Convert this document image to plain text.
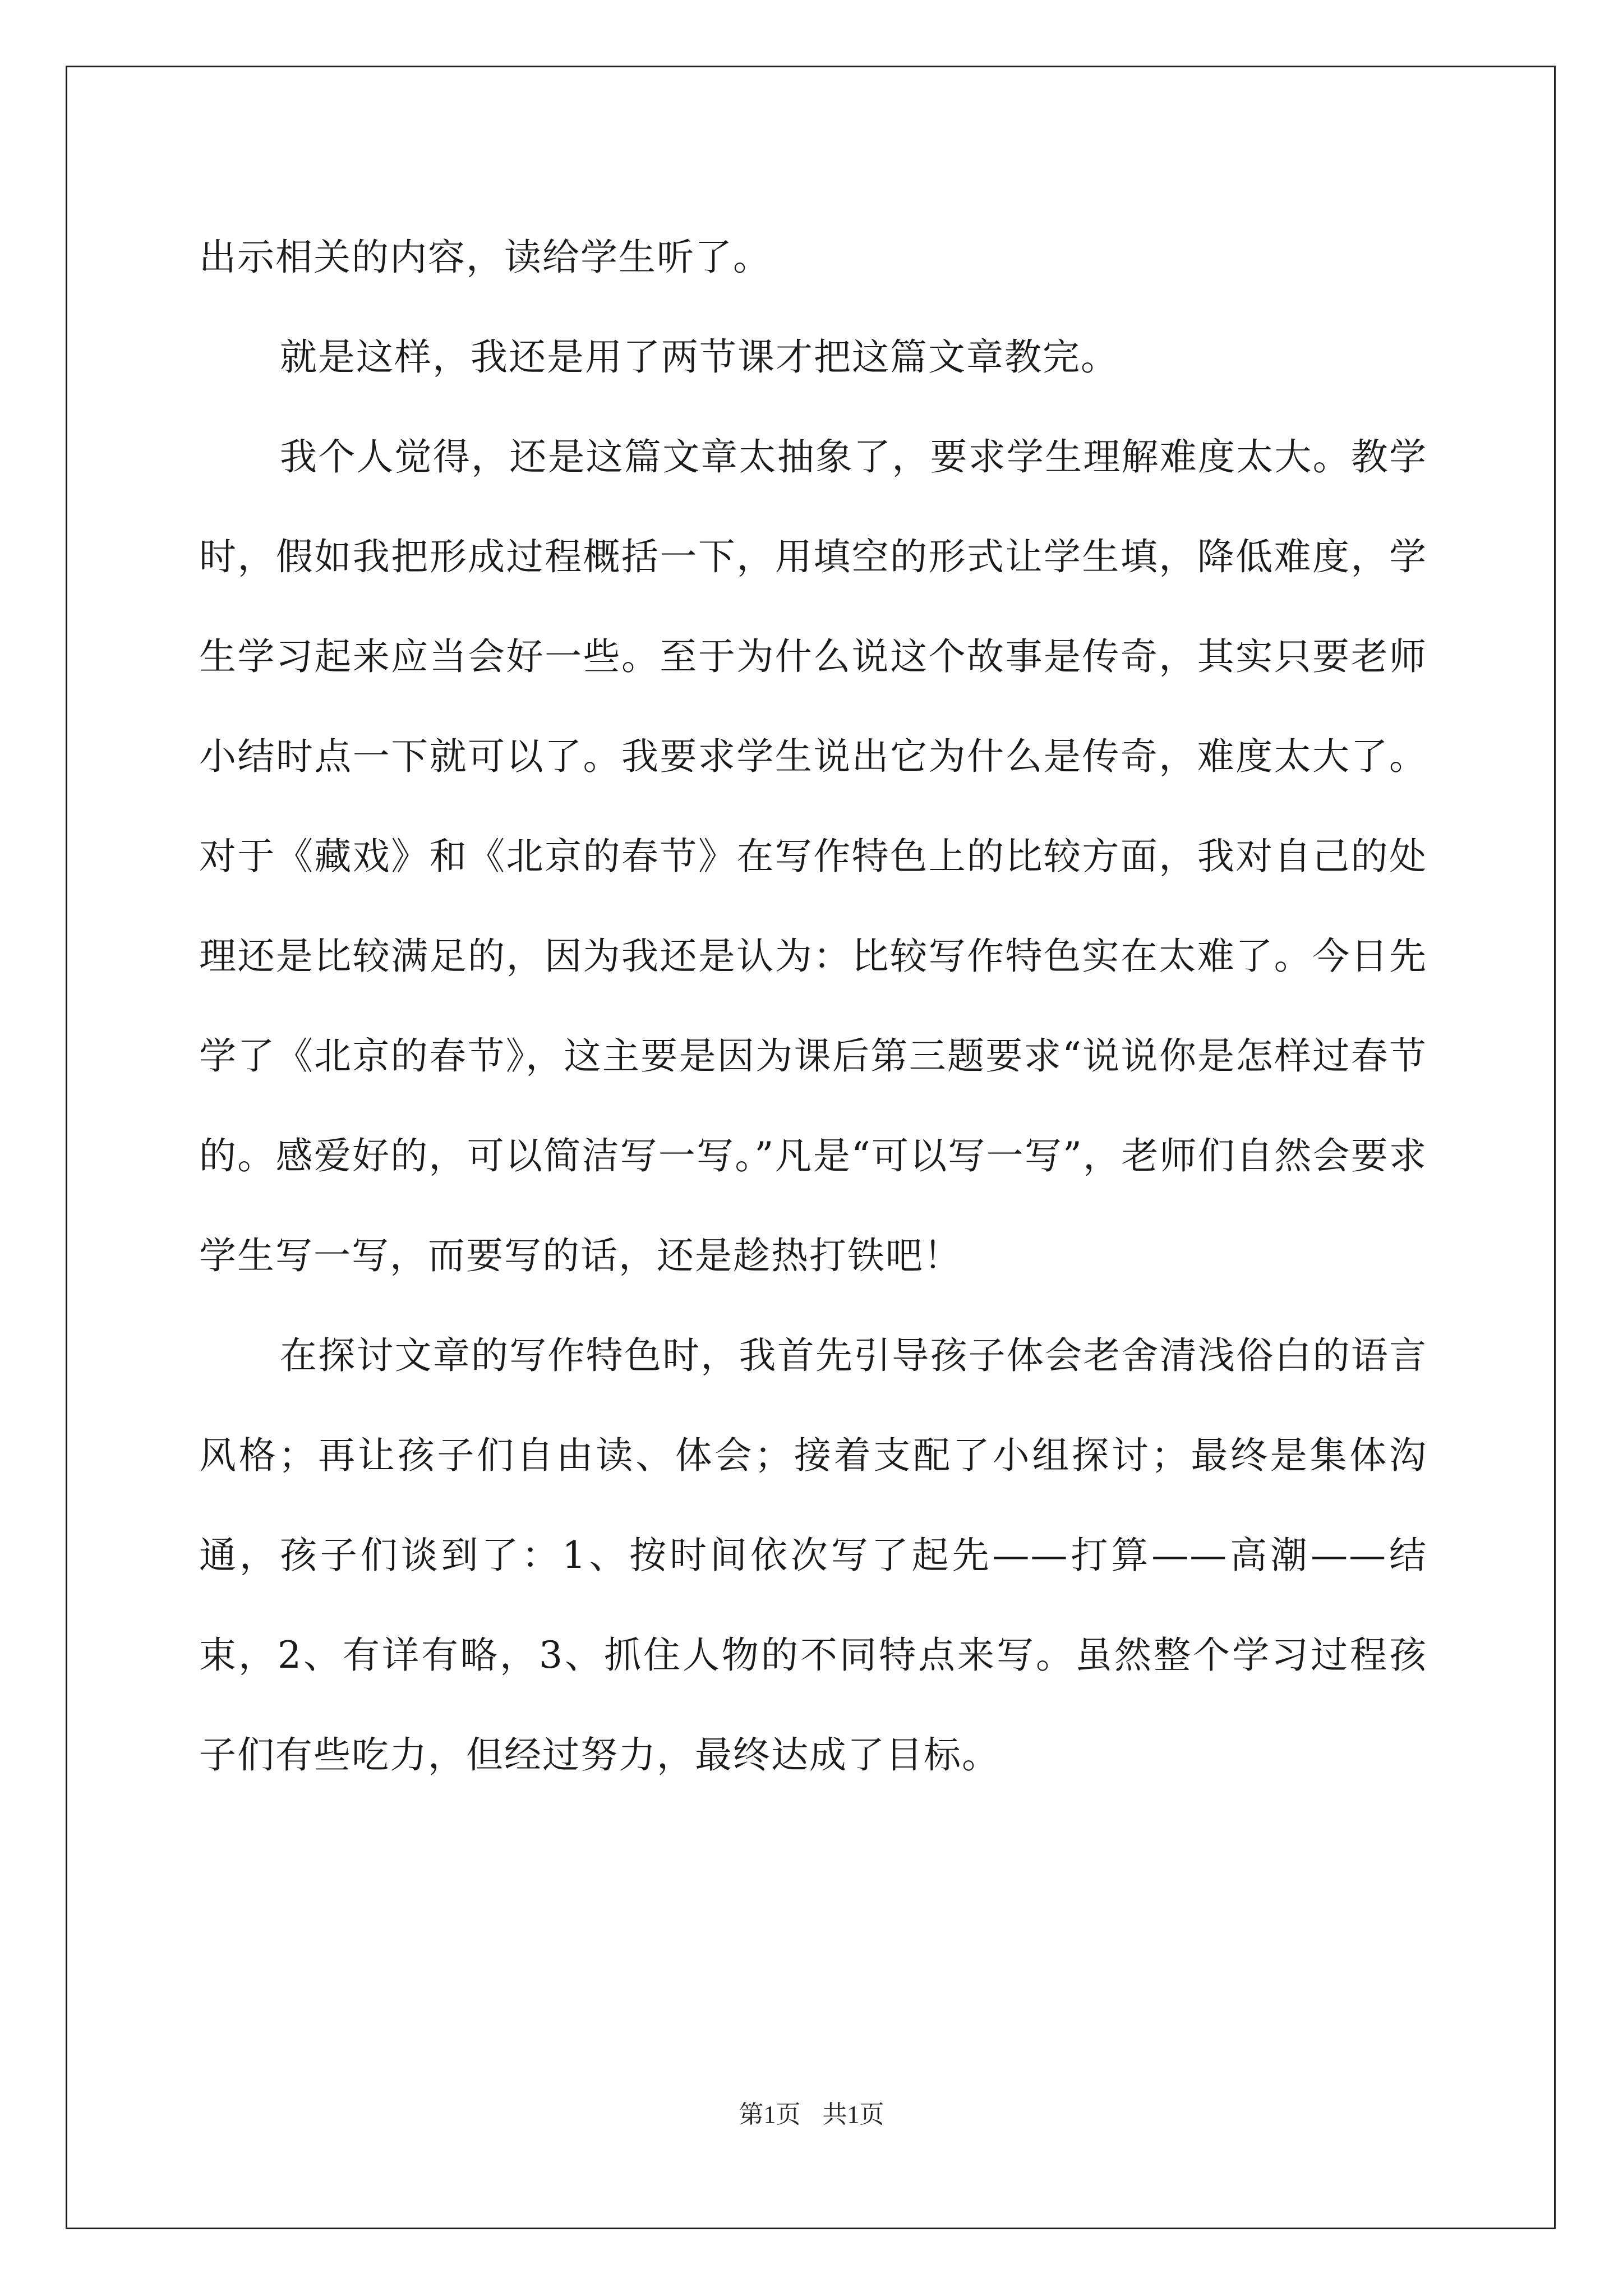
出示相关的内容，读给学生听了。

就是这样，我还是用了两节课才把这篇文章教完。

我个人觉得，还是这篇文章太抽象了，要求学生理解难度太大。教学时，假如我把形成过程概括一下，用填空的形式让学生填，降低难度，学生学习起来应当会好一些。至于为什么说这个故事是传奇，其实只要老师小结时点一下就可以了。我要求学生说出它为什么是传奇，难度太大了。对于《藏戏》和《北京的春节》在写作特色上的比较方面，我对自己的处理还是比较满足的，因为我还是认为：比较写作特色实在太难了。今日先学了《北京的春节》，这主要是因为课后第三题要求“说说你是怎样过春节的。感爱好的，可以简洁写一写。”凡是“可以写一写”，老师们自然会要求学生写一写，而要写的话，还是趁热打铁吧！

在探讨文章的写作特色时，我首先引导孩子体会老舍清浅俗白的语言风格；再让孩子们自由读、体会；接着支配了小组探讨；最终是集体沟通，孩子们谈到了：1、按时间依次写了起先——打算——高潮——结束，2、有详有略，3、抓住人物的不同特点来写。虽然整个学习过程孩子们有些吃力，但经过努力，最终达成了目标。

第1页 共1页
